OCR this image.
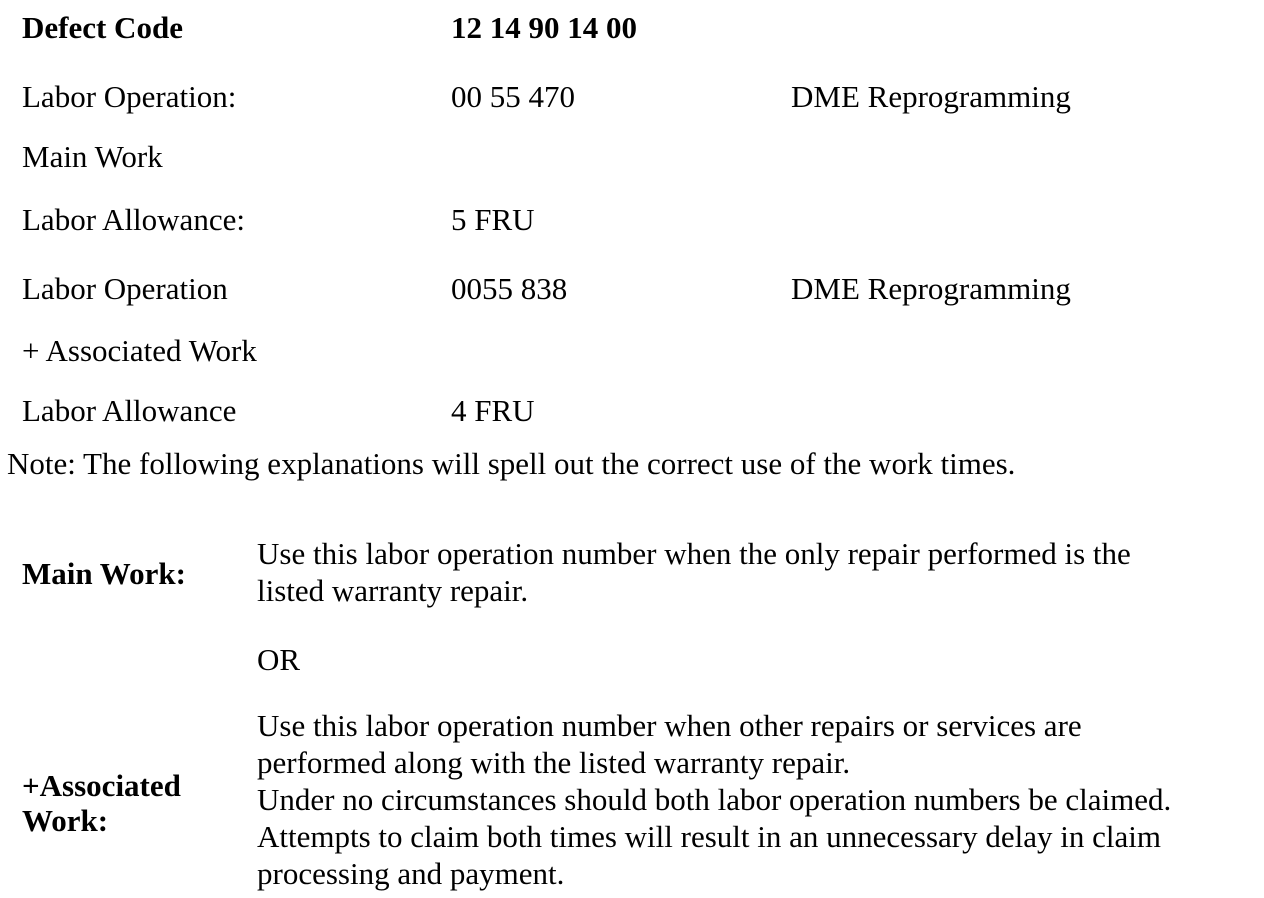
Defect Code	12 14 90 14 00
Labor Operation:	00 55 470	DME Reprogramming
Main Work
Labor Allowance:	5 FRU
Labor Operation	0055 838	DME Reprogramming
+ Associated Work
Labor Allowance	4 FRU
Note: The following explanations will spell out the correct use of the work times.
Main Work:
Use this labor operation number when the only repair performed is the
listed warranty repair.
OR
+Associated
Work:
Use this labor operation number when other repairs or services are
performed along with the listed warranty repair.
Under no circumstances should both labor operation numbers be claimed.
Attempts to claim both times will result in an unnecessary delay in claim
processing and payment.
